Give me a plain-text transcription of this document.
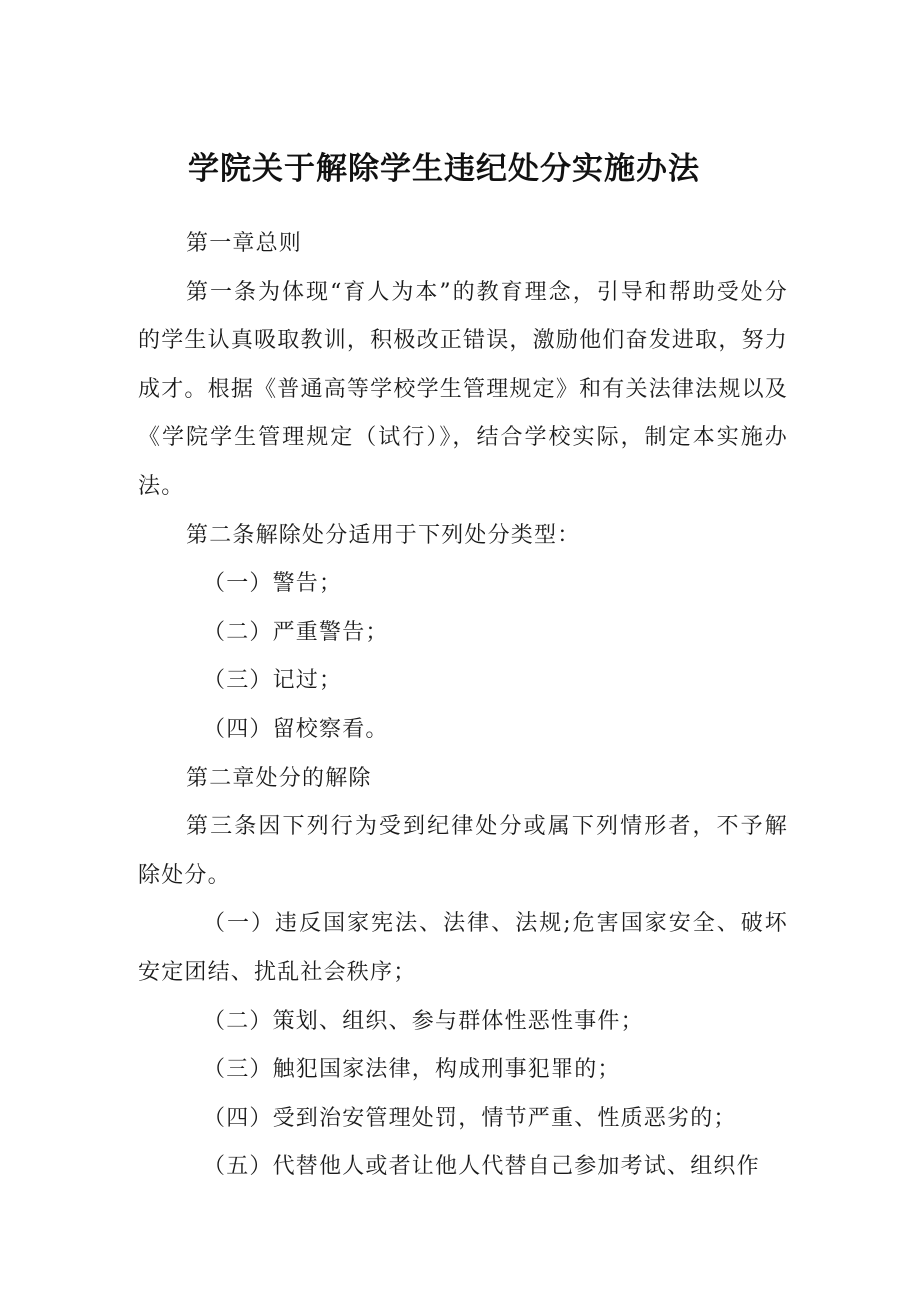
学院关于解除学生违纪处分实施办法

第一章总则

第一条为体现“育人为本”的教育理念，引导和帮助受处分的学生认真吸取教训，积极改正错误，激励他们奋发进取，努力成才。根据《普通高等学校学生管理规定》和有关法律法规以及《学院学生管理规定（试行）》，结合学校实际，制定本实施办法。

第二条解除处分适用于下列处分类型：

（一）警告；

（二）严重警告；

（三）记过；

（四）留校察看。

第二章处分的解除

第三条因下列行为受到纪律处分或属下列情形者，不予解除处分。

（一）违反国家宪法、法律、法规;危害国家安全、破坏安定团结、扰乱社会秩序；

（二）策划、组织、参与群体性恶性事件；

（三）触犯国家法律，构成刑事犯罪的；

（四）受到治安管理处罚，情节严重、性质恶劣的；

（五）代替他人或者让他人代替自己参加考试、组织作
